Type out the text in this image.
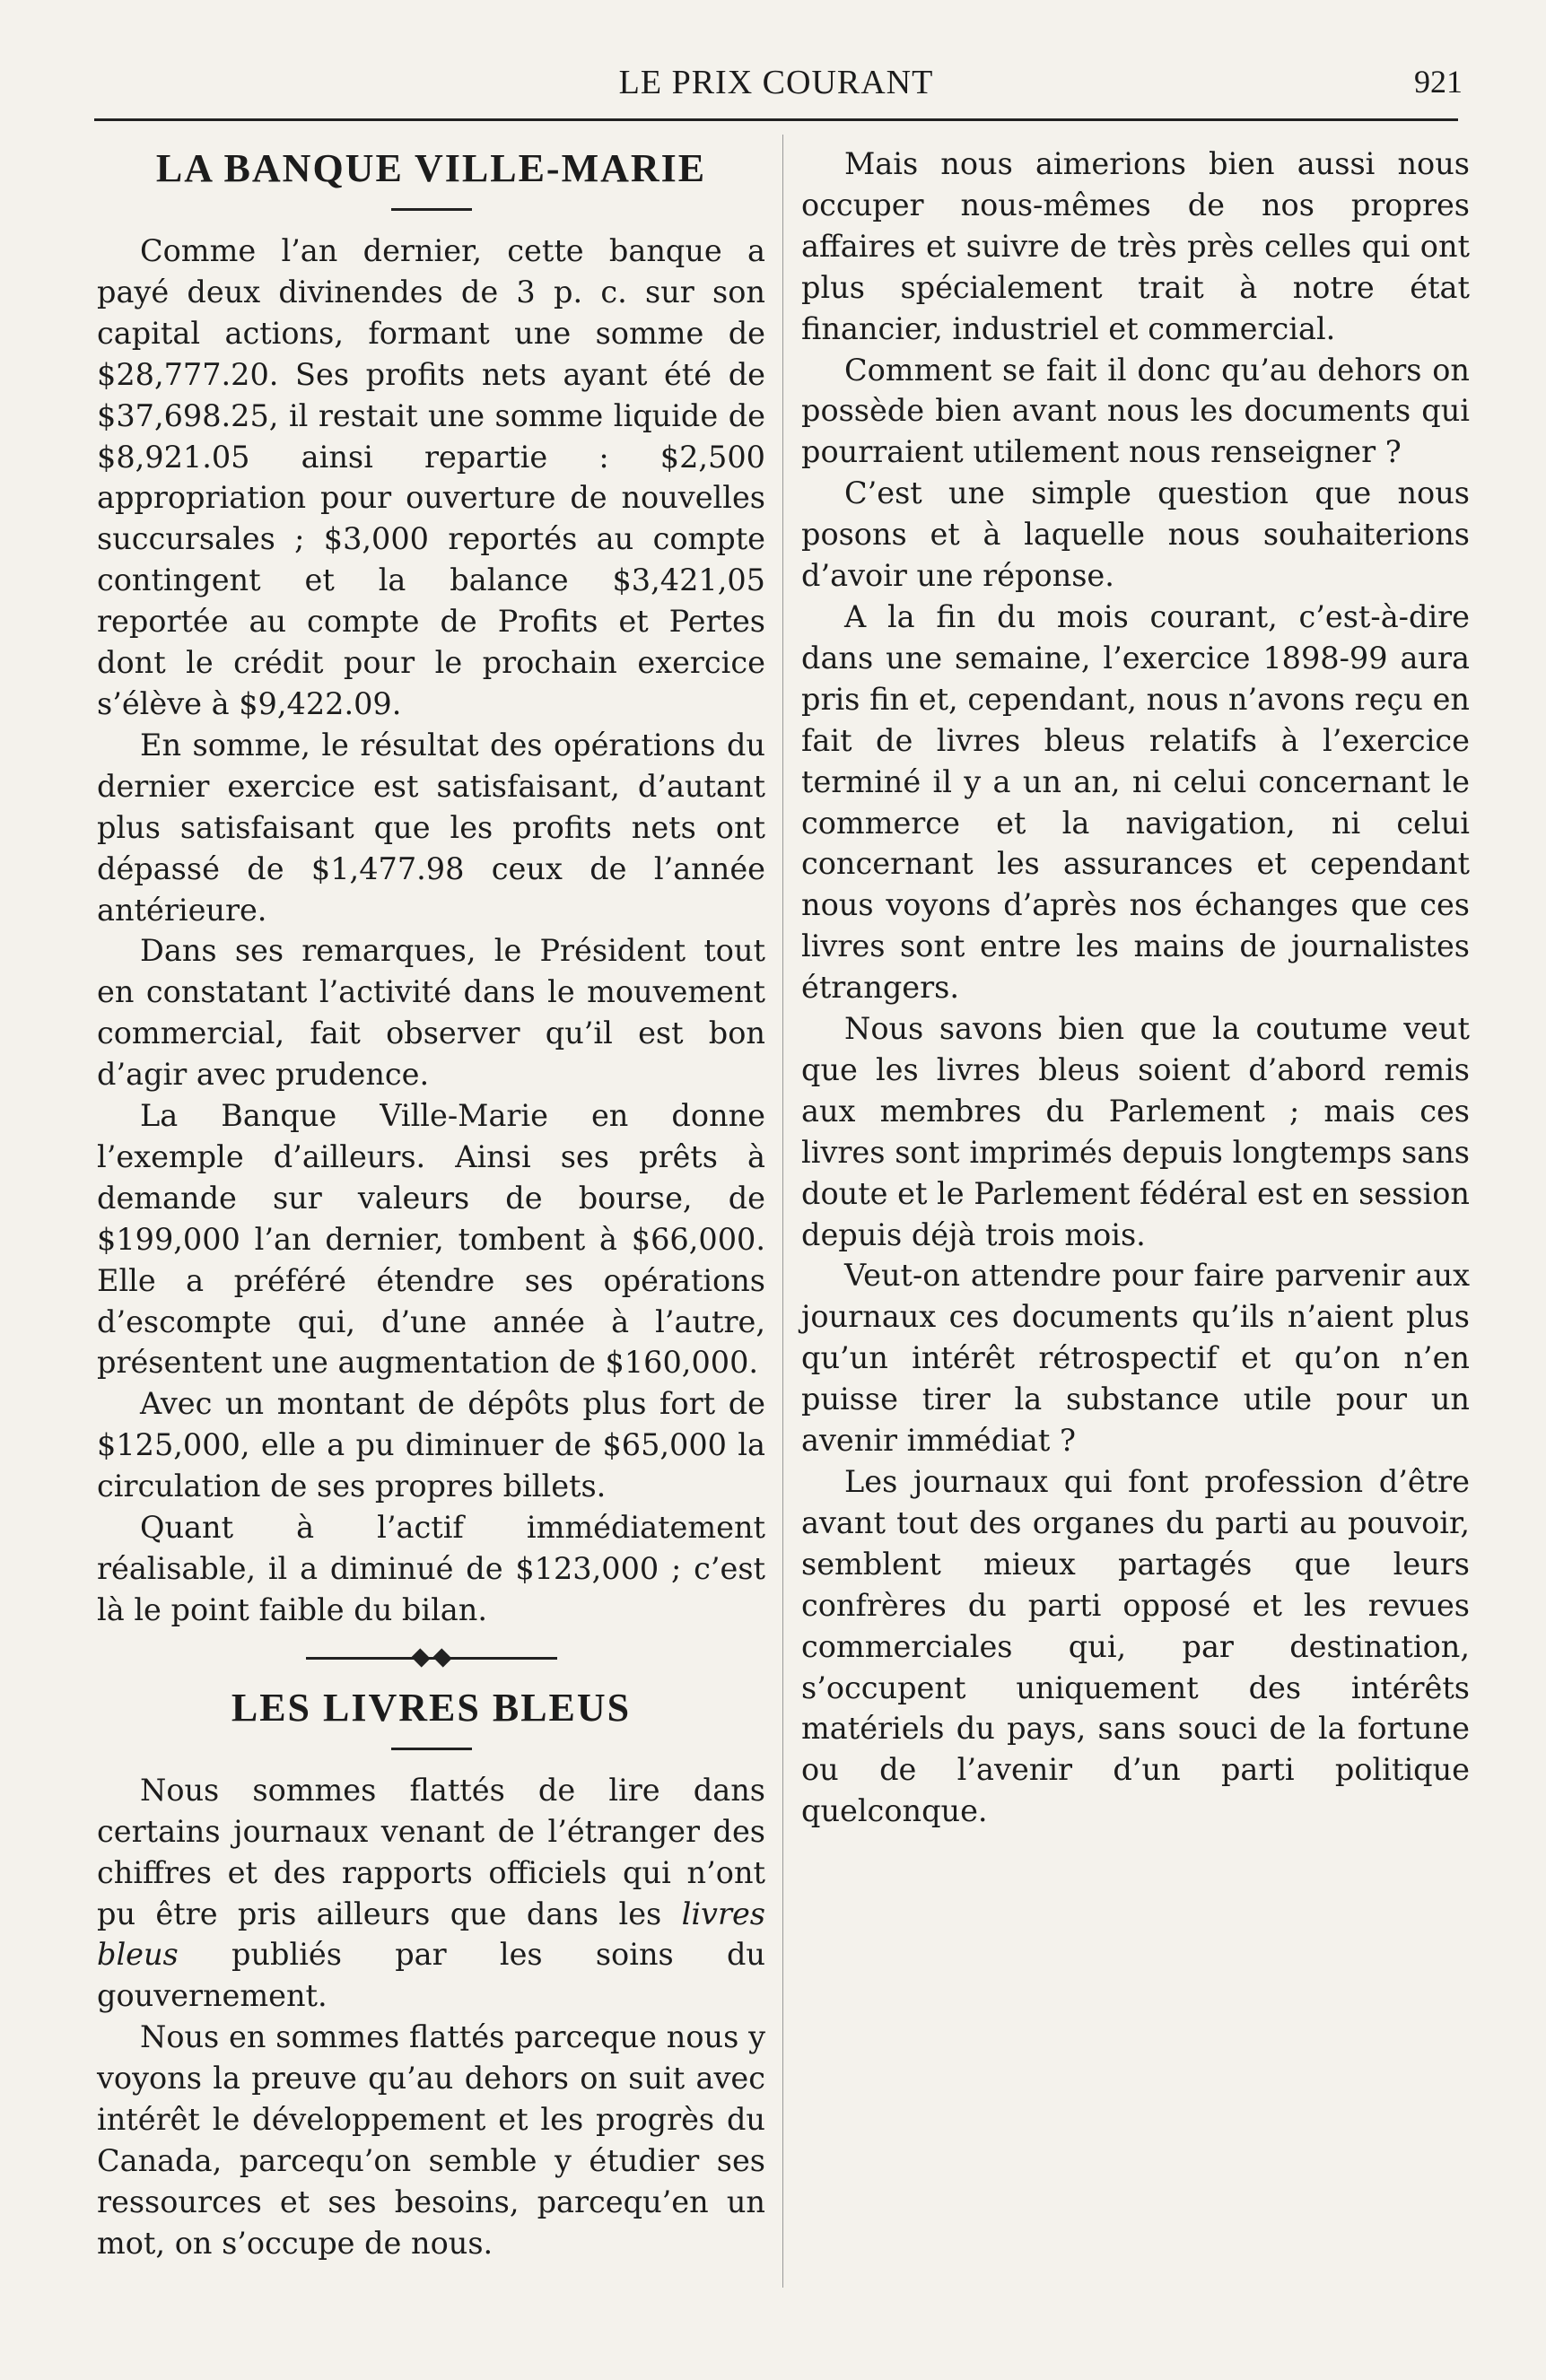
LE PRIX COURANT	921
LA BANQUE VILLE-MARIE

Comme l’an dernier, cette banque a payé deux divinendes de 3 p. c. sur son capital actions, formant une somme de $28,777.20. Ses profits nets ayant été de $37,698.25, il restait une somme liquide de $8,921.05 ainsi repartie : $2,500 appropriation pour ouverture de nouvelles succursales ; $3,000 reportés au compte contingent et la balance $3,421,05 reportée au compte de Profits et Pertes dont le crédit pour le prochain exercice s’élève à $9,422.09.

En somme, le résultat des opérations du dernier exercice est satisfaisant, d’autant plus satisfaisant que les profits nets ont dépassé de $1,477.98 ceux de l’année antérieure.

Dans ses remarques, le Président tout en constatant l’activité dans le mouvement commercial, fait observer qu’il est bon d’agir avec prudence.

La Banque Ville-Marie en donne l’exemple d’ailleurs. Ainsi ses prêts à demande sur valeurs de bourse, de $199,000 l’an dernier, tombent à $66,000. Elle a préféré étendre ses opérations d’escompte qui, d’une année à l’autre, présentent une augmentation de $160,000.

Avec un montant de dépôts plus fort de $125,000, elle a pu diminuer de $65,000 la circulation de ses propres billets.

Quant à l’actif immédiatement réalisable, il a diminué de $123,000 ; c’est là le point faible du bilan.

LES LIVRES BLEUS

Nous sommes flattés de lire dans certains journaux venant de l’étranger des chiffres et des rapports officiels qui n’ont pu être pris ailleurs que dans les livres bleus publiés par les soins du gouvernement.

Nous en sommes flattés parceque nous y voyons la preuve qu’au dehors on suit avec intérêt le développement et les progrès du Canada, parcequ’on semble y étudier ses ressources et ses besoins, parcequ’en un mot, on s’occupe de nous.

Mais nous aimerions bien aussi nous occuper nous-mêmes de nos propres affaires et suivre de très près celles qui ont plus spécialement trait à notre état financier, industriel et commercial.

Comment se fait il donc qu’au dehors on possède bien avant nous les documents qui pourraient utilement nous renseigner ?

C’est une simple question que nous posons et à laquelle nous souhaiterions d’avoir une réponse.

A la fin du mois courant, c’est-à-dire dans une semaine, l’exercice 1898-99 aura pris fin et, cependant, nous n’avons reçu en fait de livres bleus relatifs à l’exercice terminé il y a un an, ni celui concernant le commerce et la navigation, ni celui concernant les assurances et cependant nous voyons d’après nos échanges que ces livres sont entre les mains de journalistes étrangers.

Nous savons bien que la coutume veut que les livres bleus soient d’abord remis aux membres du Parlement ; mais ces livres sont imprimés depuis longtemps sans doute et le Parlement fédéral est en session depuis déjà trois mois.

Veut-on attendre pour faire parvenir aux journaux ces documents qu’ils n’aient plus qu’un intérêt rétrospectif et qu’on n’en puisse tirer la substance utile pour un avenir immédiat ?

Les journaux qui font profession d’être avant tout des organes du parti au pouvoir, semblent mieux partagés que leurs confrères du parti opposé et les revues commerciales qui, par destination, s’occupent uniquement des intérêts matériels du pays, sans souci de la fortune ou de l’avenir d’un parti politique quelconque.
